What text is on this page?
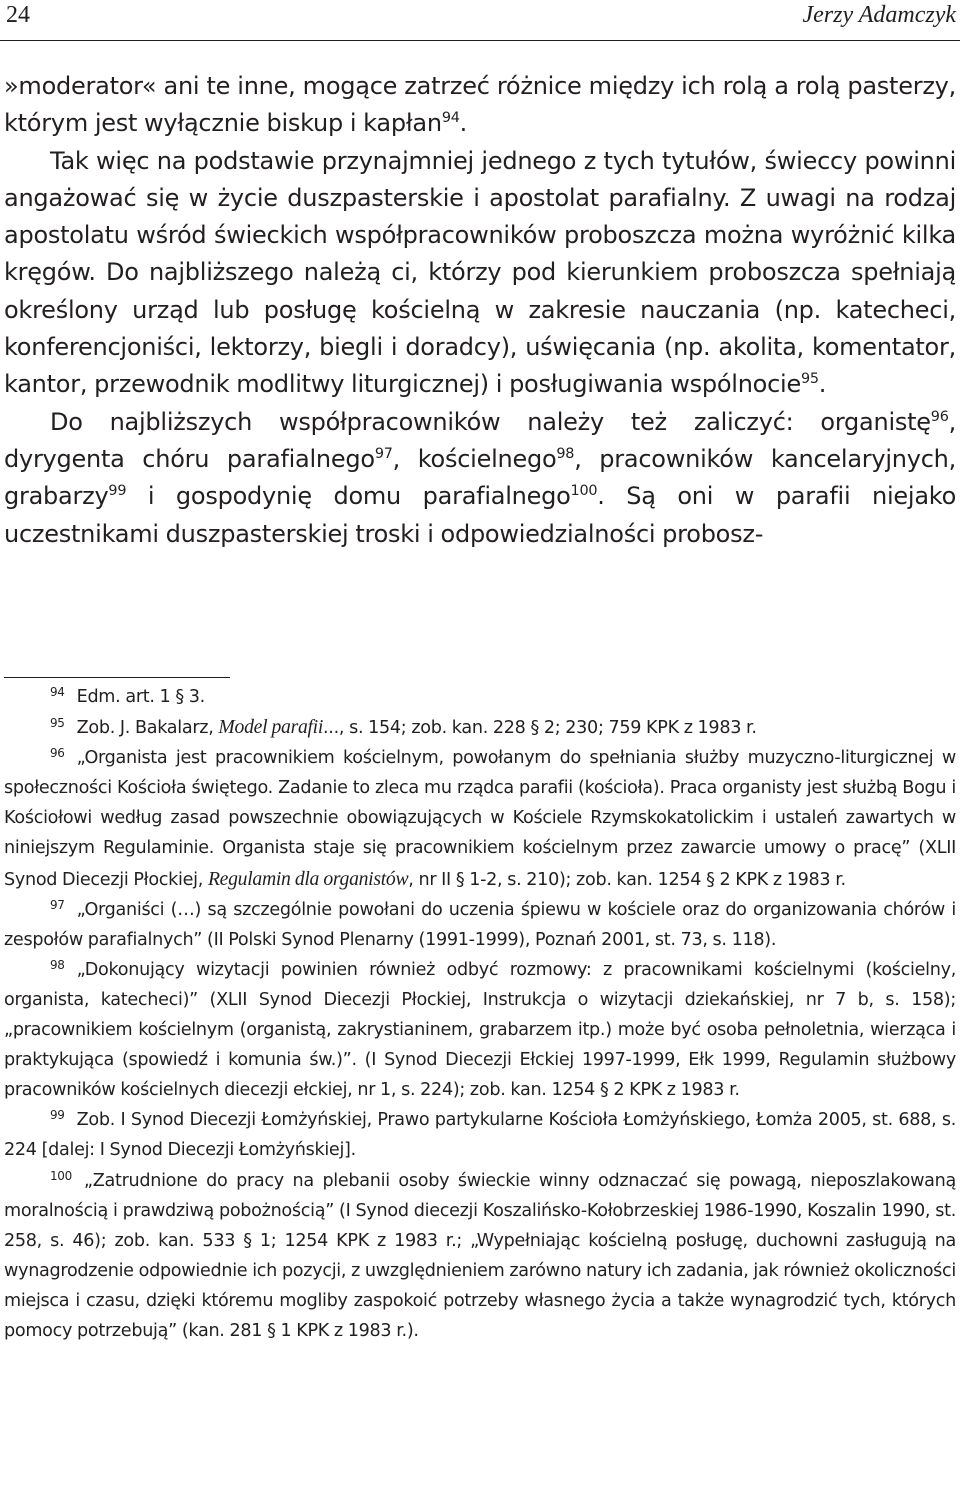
24	Jerzy Adamczyk

»moderator« ani te inne, mogące zatrzeć różnice między ich rolą a rolą pasterzy, którym jest wyłącznie biskup i kapłan$^{94}$.

Tak więc na podstawie przynajmniej jednego z tych tytułów, świeccy powinni angażować się w życie duszpasterskie i apostolat parafialny. Z uwagi na rodzaj apostolatu wśród świeckich współpracowników proboszcza można wyróżnić kilka kręgów. Do najbliższego należą ci, którzy pod kierunkiem proboszcza spełniają określony urząd lub posługę kościelną w zakresie nauczania (np. katecheci, konferencjoniści, lektorzy, biegli i doradcy), uświęcania (np. akolita, komentator, kantor, przewodnik modlitwy liturgicznej) i posługiwania wspólnocie$^{95}$.

Do najbliższych współpracowników należy też zaliczyć: organistę$^{96}$, dyrygenta chóru parafialnego$^{97}$, kościelnego$^{98}$, pracowników kancelaryjnych, grabarzy$^{99}$ i gospodynię domu parafialnego$^{100}$. Są oni w parafii niejako uczestnikami duszpasterskiej troski i odpowiedzialności probosz-

$^{94}$ Edm. art. 1 § 3.

$^{95}$ Zob. J. Bakalarz, Model parafii..., s. 154; zob. kan. 228 § 2; 230; 759 KPK z 1983 r.

$^{96}$ „Organista jest pracownikiem kościelnym, powołanym do spełniania służby muzyczno-liturgicznej w społeczności Kościoła świętego. Zadanie to zleca mu rządca parafii (kościoła). Praca organisty jest służbą Bogu i Kościołowi według zasad powszechnie obowiązujących w Kościele Rzymskokatolickim i ustaleń zawartych w niniejszym Regulaminie. Organista staje się pracownikiem kościelnym przez zawarcie umowy o pracę” (XLII Synod Diecezji Płockiej, Regulamin dla organistów, nr II § 1-2, s. 210); zob. kan. 1254 § 2 KPK z 1983 r.

$^{97}$ „Organiści (…) są szczególnie powołani do uczenia śpiewu w kościele oraz do organizowania chórów i zespołów parafialnych” (II Polski Synod Plenarny (1991-1999), Poznań 2001, st. 73, s. 118).

$^{98}$ „Dokonujący wizytacji powinien również odbyć rozmowy: z pracownikami kościelnymi (kościelny, organista, katecheci)” (XLII Synod Diecezji Płockiej, Instrukcja o wizytacji dziekańskiej, nr 7 b, s. 158); „pracownikiem kościelnym (organistą, zakrystianinem, grabarzem itp.) może być osoba pełnoletnia, wierząca i praktykująca (spowiedź i komunia św.)”. (I Synod Diecezji Ełckiej 1997-1999, Ełk 1999, Regulamin służbowy pracowników kościelnych diecezji ełckiej, nr 1, s. 224); zob. kan. 1254 § 2 KPK z 1983 r.

$^{99}$ Zob. I Synod Diecezji Łomżyńskiej, Prawo partykularne Kościoła Łomżyńskiego, Łomża 2005, st. 688, s. 224 [dalej: I Synod Diecezji Łomżyńskiej].

$^{100}$ „Zatrudnione do pracy na plebanii osoby świeckie winny odznaczać się powagą, nieposzlakowaną moralnością i prawdziwą pobożnością” (I Synod diecezji Koszalińsko-Kołobrzeskiej 1986-1990, Koszalin 1990, st. 258, s. 46); zob. kan. 533 § 1; 1254 KPK z 1983 r.; „Wypełniając kościelną posługę, duchowni zasługują na wynagrodzenie odpowiednie ich pozycji, z uwzględnieniem zarówno natury ich zadania, jak również okoliczności miejsca i czasu, dzięki któremu mogliby zaspokoić potrzeby własnego życia a także wynagrodzić tych, których pomocy potrzebują” (kan. 281 § 1 KPK z 1983 r.).
